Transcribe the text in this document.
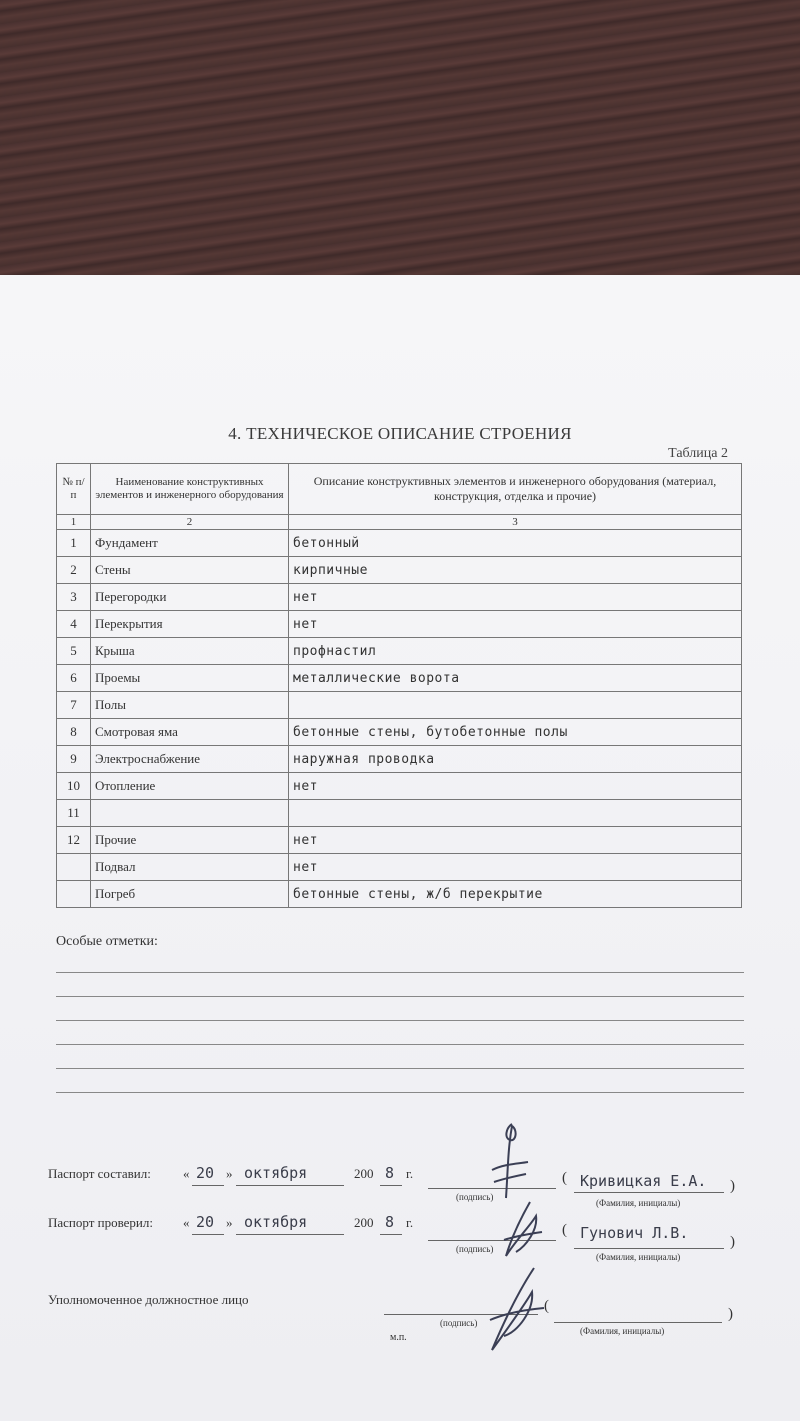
4. ТЕХНИЧЕСКОЕ ОПИСАНИЕ СТРОЕНИЯ
Таблица 2
№ п/п	Наименование конструктивных элементов и инженерного оборудования	Описание конструктивных элементов и инженерного оборудования (материал, конструкция, отделка и прочие)
1	2	3
1	Фундамент	бетонный
2	Стены	кирпичные
3	Перегородки	нет
4	Перекрытия	нет
5	Крыша	профнастил
6	Проемы	металлические ворота
7	Полы	
8	Смотровая яма	бетонные стены, бутобетонные полы
9	Электроснабжение	наружная проводка
10	Отопление	нет
11		
12	Прочие	нет
	Подвал	нет
	Погреб	бетонные стены, ж/б перекрытие
Особые отметки:
Паспорт составил: « 20 » октября	200 8 г.
(подпись)
( Кривицкая Е.А. )
(Фамилия, инициалы)
Паспорт проверил: « 20 » октября	200 8 г.
(подпись)
( Гунович Л.В.	)
(Фамилия, инициалы)
Уполномоченное должностное лицо
(подпись)
м.п.
(	)
(Фамилия, инициалы)
